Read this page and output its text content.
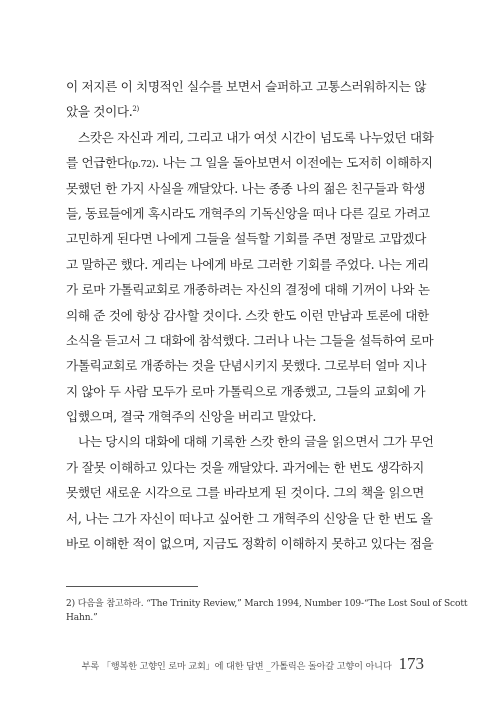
이 저지른 이 치명적인 실수를 보면서 슬퍼하고 고통스러워하지는 않
았을 것이다.$^{2)}$
스캇은 자신과 게리, 그리고 내가 여섯 시간이 넘도록 나누었던 대화
를 언급한다(p.72). 나는 그 일을 돌아보면서 이전에는 도저히 이해하지
못했던 한 가지 사실을 깨달았다. 나는 종종 나의 젊은 친구들과 학생
들, 동료들에게 혹시라도 개혁주의 기독신앙을 떠나 다른 길로 가려고
고민하게 된다면 나에게 그들을 설득할 기회를 주면 정말로 고맙겠다
고 말하곤 했다. 게리는 나에게 바로 그러한 기회를 주었다. 나는 게리
가 로마 가톨릭교회로 개종하려는 자신의 결정에 대해 기꺼이 나와 논
의해 준 것에 항상 감사할 것이다. 스캇 한도 이런 만남과 토론에 대한
소식을 듣고서 그 대화에 참석했다. 그러나 나는 그들을 설득하여 로마
가톨릭교회로 개종하는 것을 단념시키지 못했다. 그로부터 얼마 지나
지 않아 두 사람 모두가 로마 가톨릭으로 개종했고, 그들의 교회에 가
입했으며, 결국 개혁주의 신앙을 버리고 말았다.
나는 당시의 대화에 대해 기록한 스캇 한의 글을 읽으면서 그가 무언
가 잘못 이해하고 있다는 것을 깨달았다. 과거에는 한 번도 생각하지
못했던 새로운 시각으로 그를 바라보게 된 것이다. 그의 책을 읽으면
서, 나는 그가 자신이 떠나고 싶어한 그 개혁주의 신앙을 단 한 번도 올
바로 이해한 적이 없으며, 지금도 정확히 이해하지 못하고 있다는 점을
2) 다음을 참고하라. “The Trinity Review,” March 1994, Number 109-“The Lost Soul of Scott
Hahn.”
부록 「행복한 고향인 로마 교회」에 대한 답변 _가톨릭은 돌아갈 고향이 아니다 173
